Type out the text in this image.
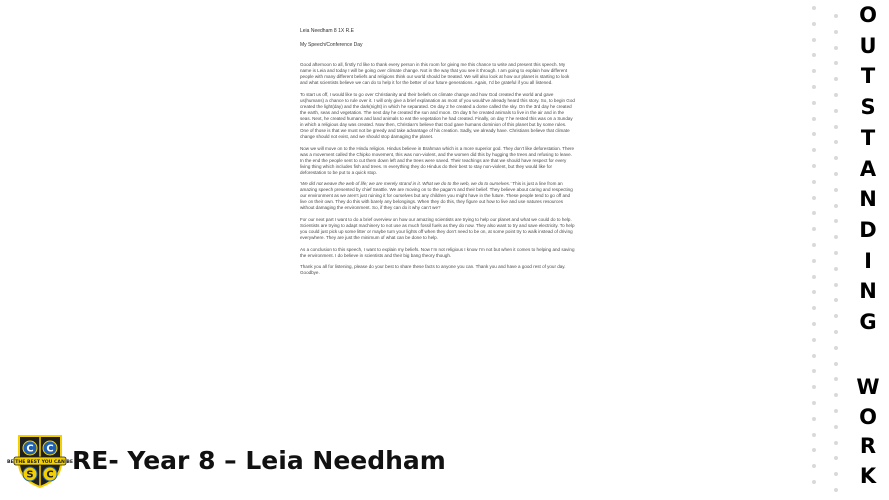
Leia Needham 8 1X R.E
My Speech/Conference Day

Good afternoon to all, firstly I’d like to thank every person in this room for giving me this chance to write and present this speech. My name is Leia and today I will be going over climate change. Not in the way that you see it through. I am going to explain how different people with many different beliefs and religions think our world should be treated. We will also look at how our planet is starting to look and what scientists believe we can do to help it for the better of our future generations. Again, I’d be grateful if you all listened.

To start us off, I would like to go over Christianity and their beliefs on climate change and how God created the world and gave us(humans) a chance to rule over it. I will only give a brief explanation as most of you would’ve already heard this story. So, to begin God created the light(day) and the dark(night) in which he separated. On day 2 he created a dome called the sky. On the 3rd day he created the earth, seas and vegetation. The next day he created the sun and moon. On day 5 he created animals to live in the air and in the seas. Next, he created humans and land animals to eat the vegetation he had created. Finally, on day 7 he rested this was on a Sunday in which a religious day was created. Now then, Christian’s believe that God gave humans dominion of this planet but by some rules. One of those is that we must not be greedy and take advantage of his creation. Sadly, we already have. Christians believe that climate change should not exist, and we should stop damaging the planet.

Now we will move on to the Hindu religion. Hindus believe in Brahman which is a more superior god. They don’t like deforestation. There was a movement called the Chipko movement, this was non-violent, and the women did this by hugging the trees and refusing to leave. In the end the people sent to cut them down left and the trees were saved. Their teachings are that we should have respect for every living thing which includes fish and trees. In everything they do Hindus do their best to stay non-violent, but they would like for deforestation to be put to a quick stop.

‘We did not weave the web of life; we are merely strand in it. What we do to the web, we do to ourselves.’ This is just a line from an amazing speech presented by chief Seattle. We are moving on to the pagan’s and their belief. They believe about caring and respecting our environment as we aren’t just ruining it for ourselves but any children you might have in the future. These people tend to go off and live on their own. They do this with barely any belongings. When they do this, they figure out how to live and use natures resources without damaging the environment. So, if they can do it why can’t we?

For our next part I want to do a brief overview on how our amazing scientists are trying to help our planet and what we could do to help. Scientists are trying to adapt machinery to not use as much fossil fuels as they do now. They also want to try and save electricity. To help you could just pick up some litter or maybe turn your lights off when they don’t need to be on, at some point try to walk instead of driving everywhere. They are just the minimum of what can be done to help.

As a conclusion to this speech, I want to explain my beliefs. Now I’m not religious I know I’m not but when it comes to helping and saving the environment. I do believe in scientists and their big bang theory though.

Thank you all for listening, please do your best to share these facts to anyone you can. Thank you and have a good rest of your day. Goodbye.

O
U
T
S
T
A
N
D
I
N
G
W
O
R
K
C C
S C
BE THE BEST YOU CAN BE
RE- Year 8 – Leia Needham
